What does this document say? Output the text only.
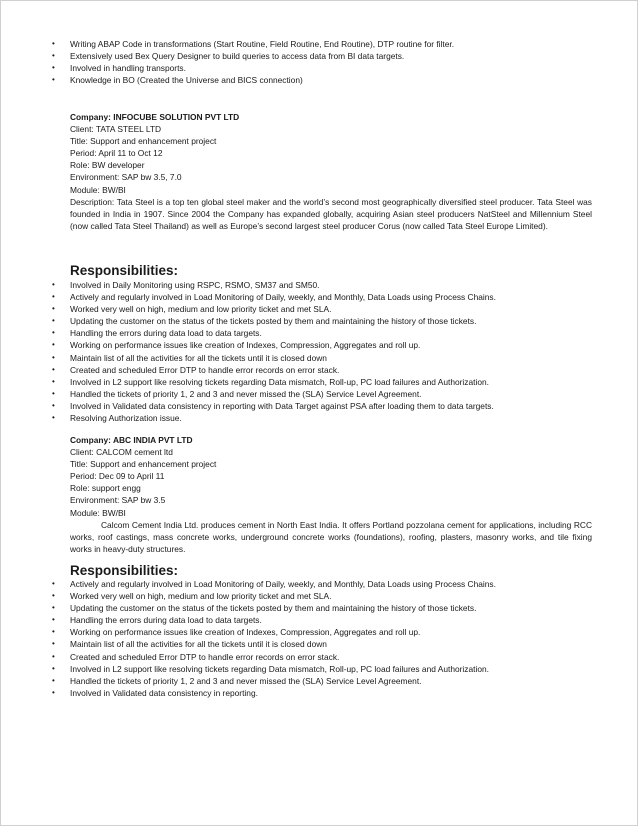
• Writing ABAP Code in transformations (Start Routine, Field Routine, End Routine), DTP routine for filter.
• Extensively used Bex Query Designer to build queries to access data from BI data targets.
• Involved in handling transports.
• Knowledge in BO (Created the Universe and BICS connection)

Company: INFOCUBE SOLUTION PVT LTD

Client: TATA STEEL LTD

Title: Support and enhancement project

Period: April 11 to Oct 12

Role: BW developer

Environment: SAP bw 3.5, 7.0

Module: BW/BI

Description: Tata Steel is a top ten global steel maker and the world’s second most geographically diversified steel producer. Tata Steel was founded in India in 1907. Since 2004 the Company has expanded globally, acquiring Asian steel producers NatSteel and Millennium Steel (now called Tata Steel Thailand) as well as Europe’s second largest steel producer Corus (now called Tata Steel Europe Limited).

Responsibilities:
• Involved in Daily Monitoring using RSPC, RSMO, SM37 and SM50.
• Actively and regularly involved in Load Monitoring of Daily, weekly, and Monthly, Data Loads using Process Chains.
• Worked very well on high, medium and low priority ticket and met SLA.
• Updating the customer on the status of the tickets posted by them and maintaining the history of those tickets.
• Handling the errors during data load to data targets.
• Working on performance issues like creation of Indexes, Compression, Aggregates and roll up.
• Maintain list of all the activities for all the tickets until it is closed down
• Created and scheduled Error DTP to handle error records on error stack.
• Involved in L2 support like resolving tickets regarding Data mismatch, Roll-up, PC load failures and Authorization.
• Handled the tickets of priority 1, 2 and 3 and never missed the (SLA) Service Level Agreement.
• Involved in Validated data consistency in reporting with Data Target against PSA after loading them to data targets.
• Resolving Authorization issue.

Company: ABC INDIA PVT LTD

Client: CALCOM cement ltd

Title: Support and enhancement project

Period: Dec 09 to April 11

Role: support engg

Environment: SAP bw 3.5

Module: BW/BI

Calcom Cement India Ltd. produces cement in North East India. It offers Portland pozzolana cement for applications, including RCC works, roof castings, mass concrete works, underground concrete works (foundations), roofing, plasters, masonry works, and tile fixing works in heavy-duty structures.

Responsibilities:
• Actively and regularly involved in Load Monitoring of Daily, weekly, and Monthly, Data Loads using Process Chains.
• Worked very well on high, medium and low priority ticket and met SLA.
• Updating the customer on the status of the tickets posted by them and maintaining the history of those tickets.
• Handling the errors during data load to data targets.
• Working on performance issues like creation of Indexes, Compression, Aggregates and roll up.
• Maintain list of all the activities for all the tickets until it is closed down
• Created and scheduled Error DTP to handle error records on error stack.
• Involved in L2 support like resolving tickets regarding Data mismatch, Roll-up, PC load failures and Authorization.
• Handled the tickets of priority 1, 2 and 3 and never missed the (SLA) Service Level Agreement.
• Involved in Validated data consistency in reporting.
